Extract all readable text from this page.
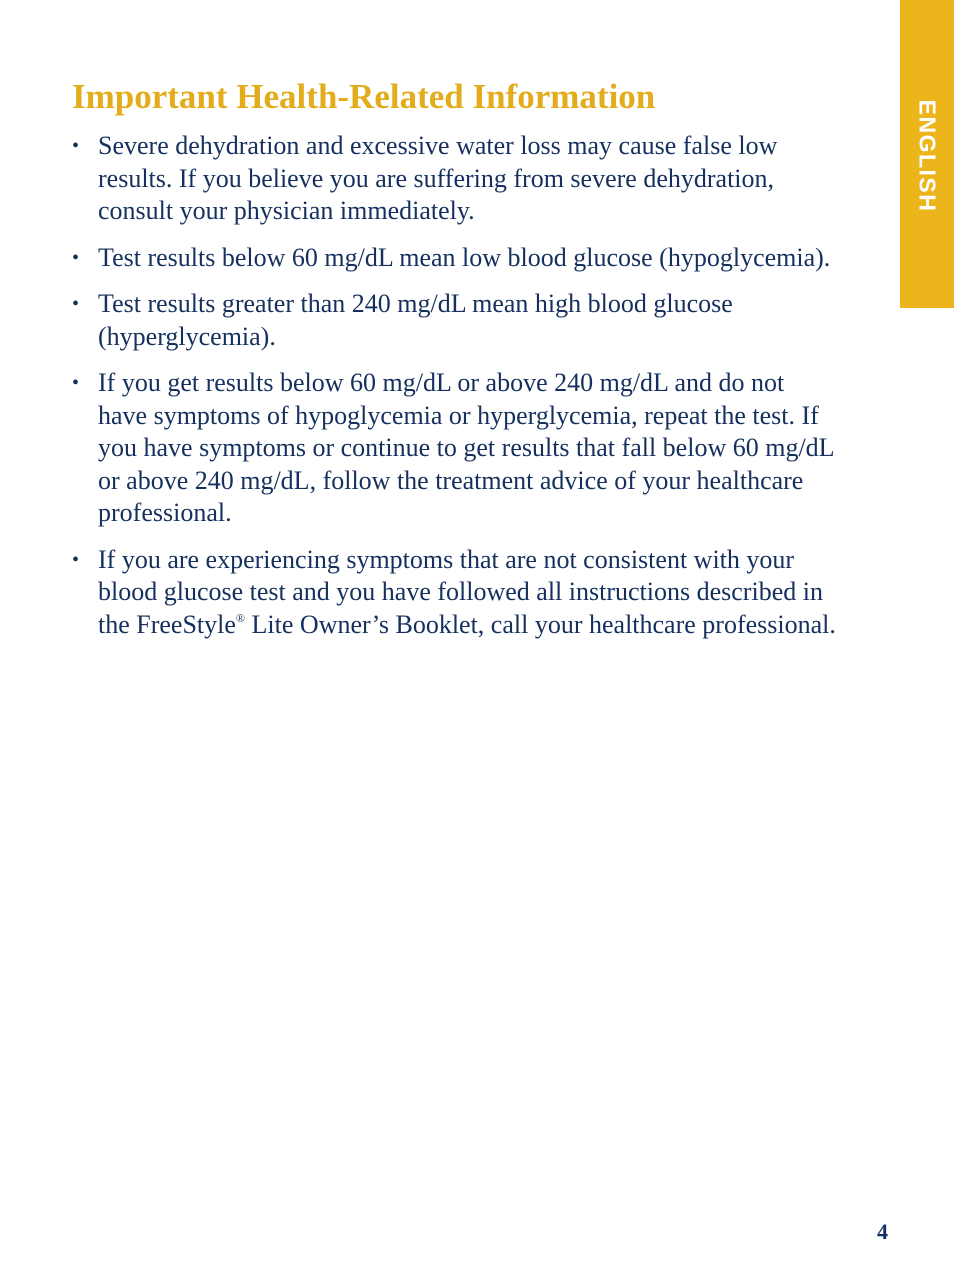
ENGLISH
Important Health-Related Information
• Severe dehydration and excessive water loss may cause false low
results. If you believe you are suffering from severe dehydration,
consult your physician immediately.
• Test results below 60 mg/dL mean low blood glucose (hypoglycemia).
• Test results greater than 240 mg/dL mean high blood glucose
(hyperglycemia).
• If you get results below 60 mg/dL or above 240 mg/dL and do not
have symptoms of hypoglycemia or hyperglycemia, repeat the test. If
you have symptoms or continue to get results that fall below 60 mg/dL
or above 240 mg/dL, follow the treatment advice of your healthcare
professional.
• If you are experiencing symptoms that are not consistent with your
blood glucose test and you have followed all instructions described in
the FreeStyle® Lite Owner’s Booklet, call your healthcare professional.
4
